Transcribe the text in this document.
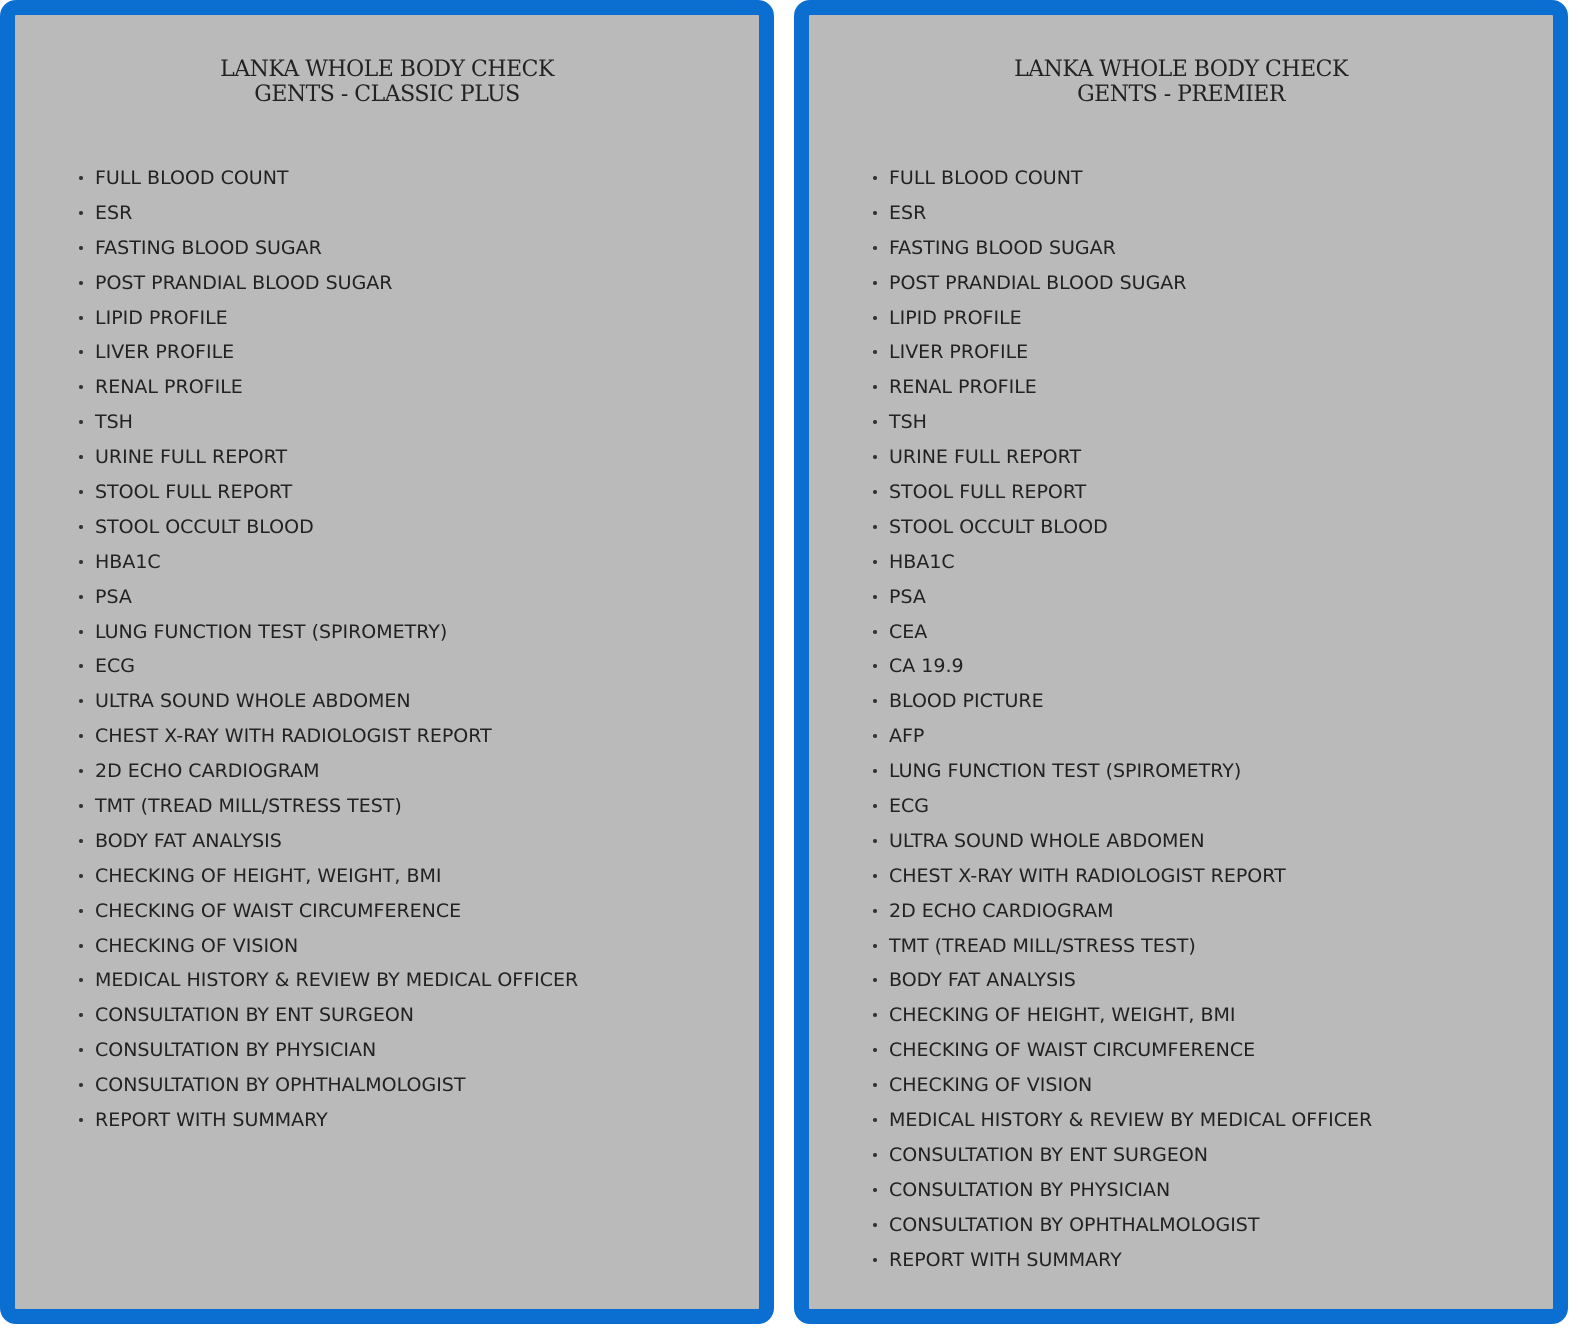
LANKA WHOLE BODY CHECK
GENTS - CLASSIC PLUS
FULL BLOOD COUNT
ESR
FASTING BLOOD SUGAR
POST PRANDIAL BLOOD SUGAR
LIPID PROFILE
LIVER PROFILE
RENAL PROFILE
TSH
URINE FULL REPORT
STOOL FULL REPORT
STOOL OCCULT BLOOD
HBA1C
PSA
LUNG FUNCTION TEST (SPIROMETRY)
ECG
ULTRA SOUND WHOLE ABDOMEN
CHEST X-RAY WITH RADIOLOGIST REPORT
2D ECHO CARDIOGRAM
TMT (TREAD MILL/STRESS TEST)
BODY FAT ANALYSIS
CHECKING OF HEIGHT, WEIGHT, BMI
CHECKING OF WAIST CIRCUMFERENCE
CHECKING OF VISION
MEDICAL HISTORY & REVIEW BY MEDICAL OFFICER
CONSULTATION BY ENT SURGEON
CONSULTATION BY PHYSICIAN
CONSULTATION BY OPHTHALMOLOGIST
REPORT WITH SUMMARY
LANKA WHOLE BODY CHECK
GENTS - PREMIER
FULL BLOOD COUNT
ESR
FASTING BLOOD SUGAR
POST PRANDIAL BLOOD SUGAR
LIPID PROFILE
LIVER PROFILE
RENAL PROFILE
TSH
URINE FULL REPORT
STOOL FULL REPORT
STOOL OCCULT BLOOD
HBA1C
PSA
CEA
CA 19.9
BLOOD PICTURE
AFP
LUNG FUNCTION TEST (SPIROMETRY)
ECG
ULTRA SOUND WHOLE ABDOMEN
CHEST X-RAY WITH RADIOLOGIST REPORT
2D ECHO CARDIOGRAM
TMT (TREAD MILL/STRESS TEST)
BODY FAT ANALYSIS
CHECKING OF HEIGHT, WEIGHT, BMI
CHECKING OF WAIST CIRCUMFERENCE
CHECKING OF VISION
MEDICAL HISTORY & REVIEW BY MEDICAL OFFICER
CONSULTATION BY ENT SURGEON
CONSULTATION BY PHYSICIAN
CONSULTATION BY OPHTHALMOLOGIST
REPORT WITH SUMMARY
